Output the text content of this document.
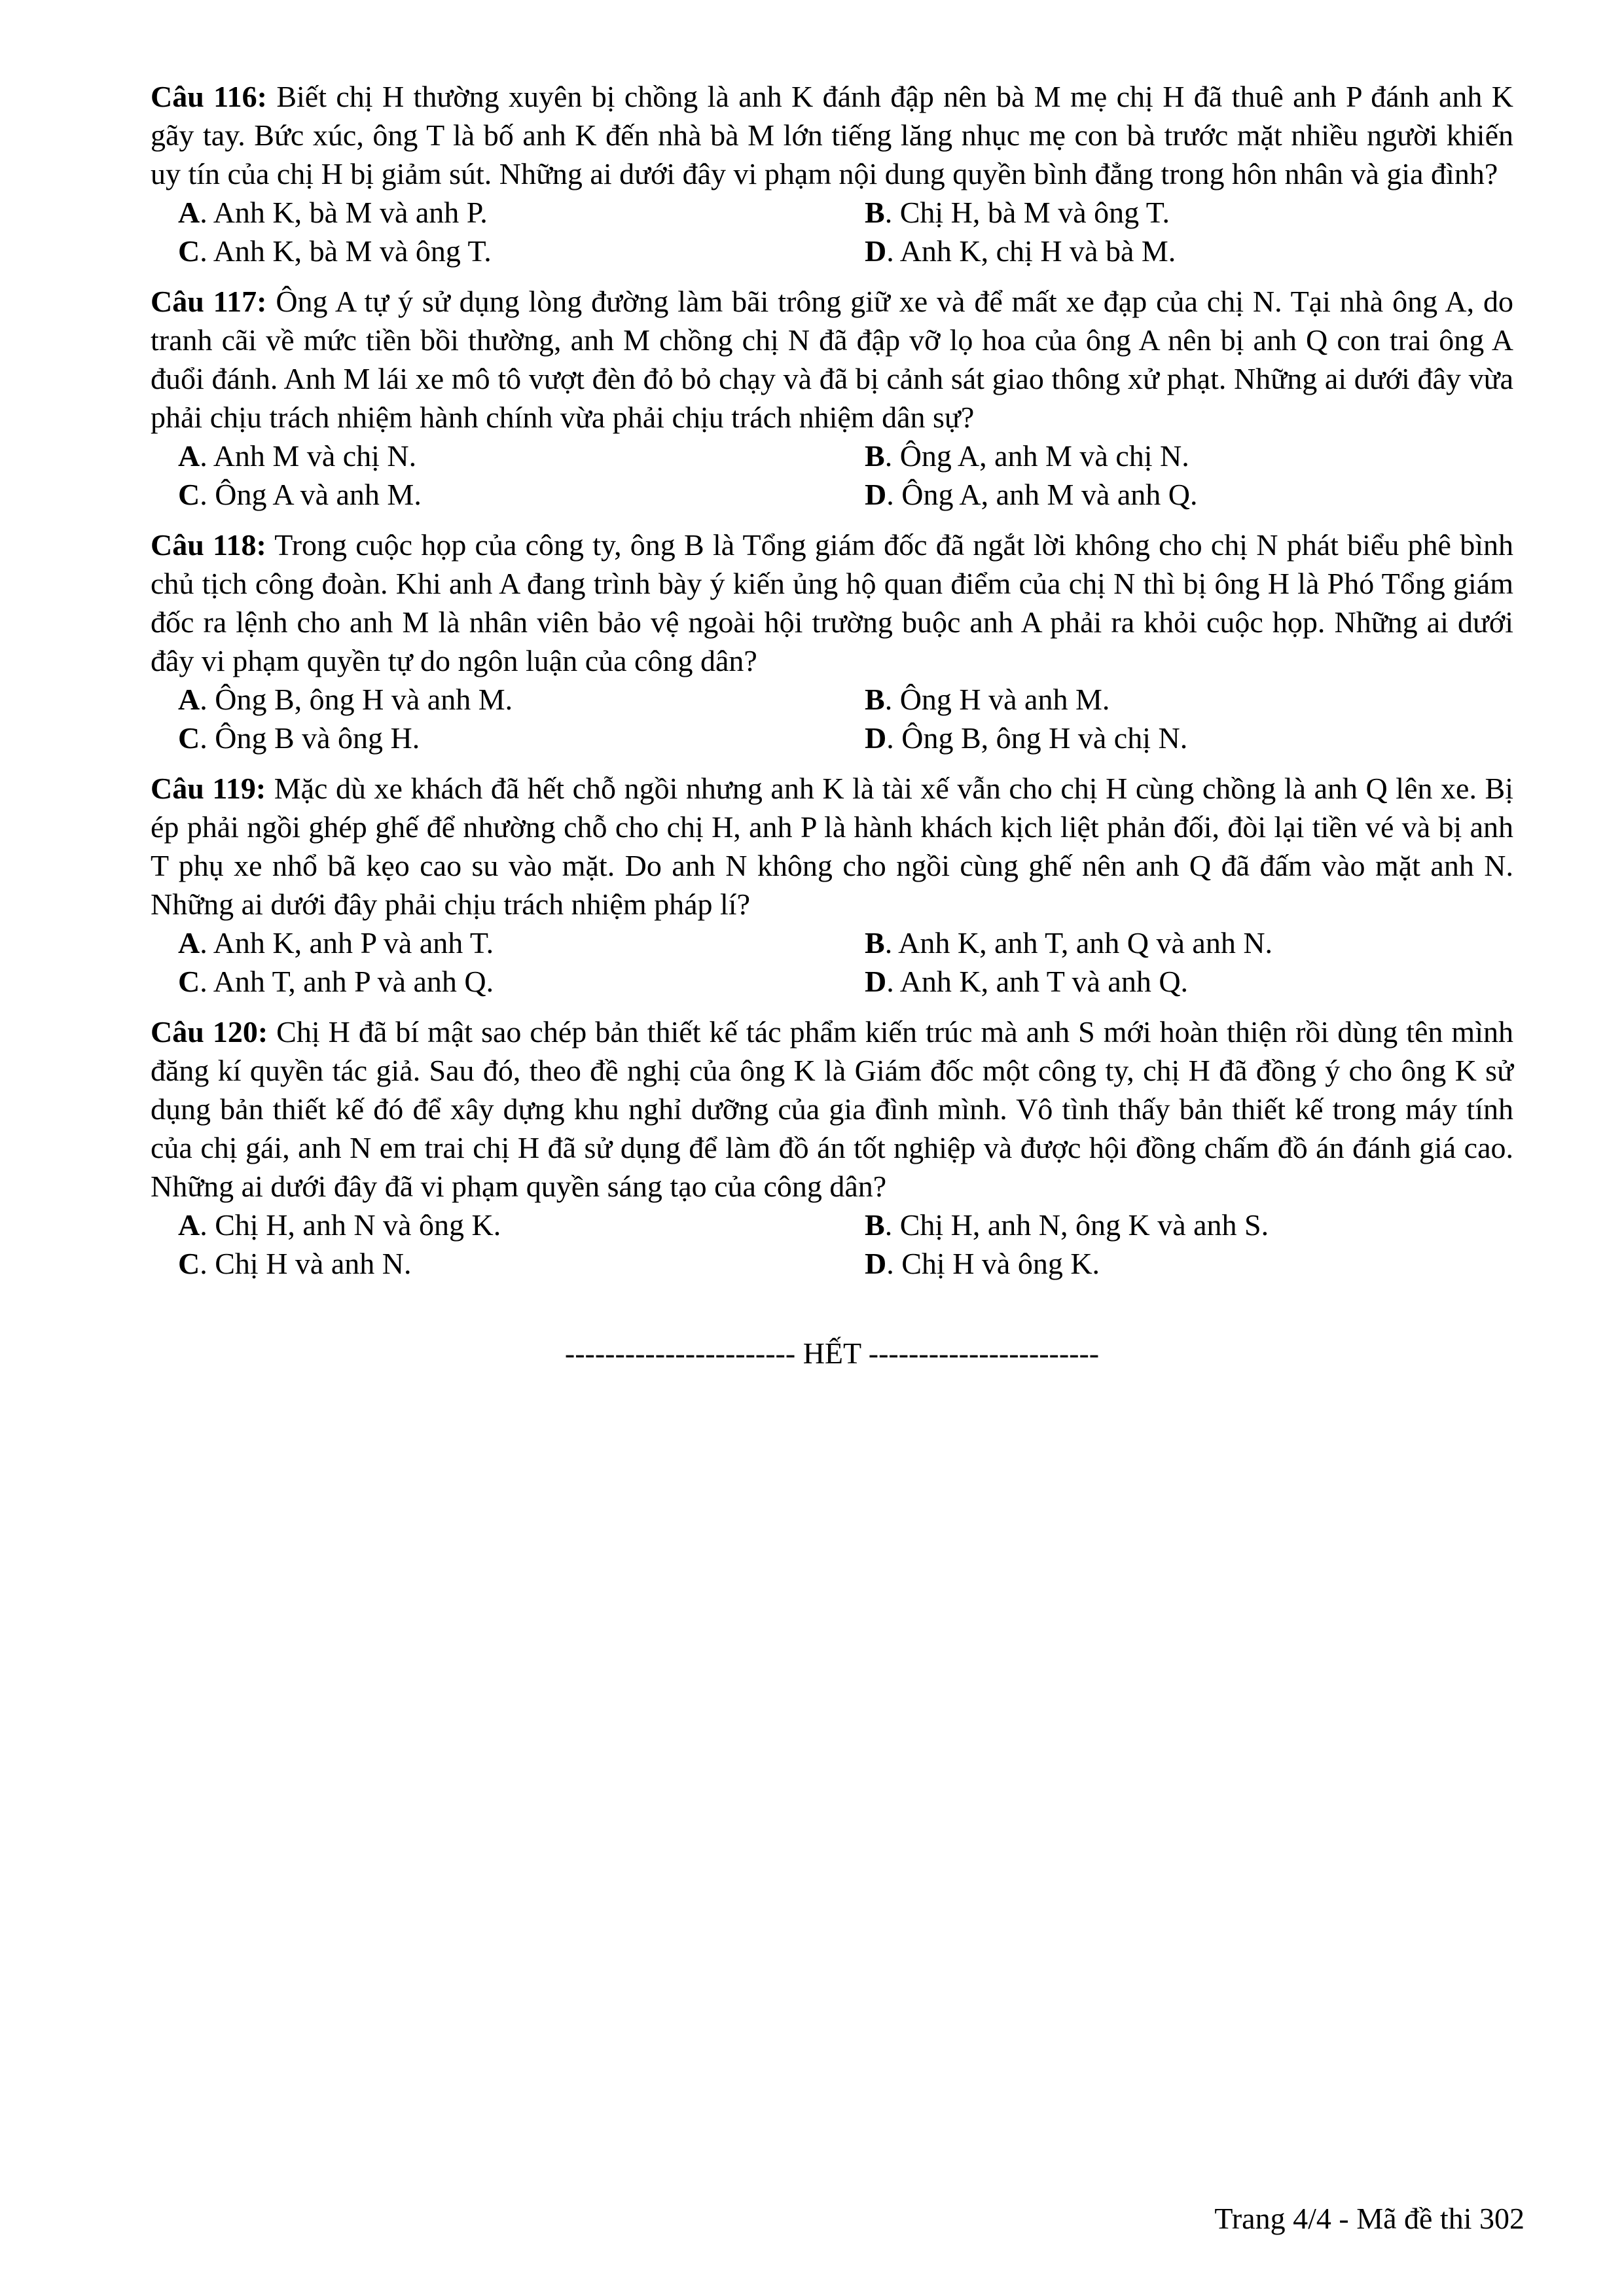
Câu 116: Biết chị H thường xuyên bị chồng là anh K đánh đập nên bà M mẹ chị H đã thuê anh P đánh anh K gãy tay. Bức xúc, ông T là bố anh K đến nhà bà M lớn tiếng lăng nhục mẹ con bà trước mặt nhiều người khiến uy tín của chị H bị giảm sút. Những ai dưới đây vi phạm nội dung quyền bình đẳng trong hôn nhân và gia đình?

A. Anh K, bà M và anh P.	B. Chị H, bà M và ông T.
C. Anh K, bà M và ông T.	D. Anh K, chị H và bà M.

Câu 117: Ông A tự ý sử dụng lòng đường làm bãi trông giữ xe và để mất xe đạp của chị N. Tại nhà ông A, do tranh cãi về mức tiền bồi thường, anh M chồng chị N đã đập vỡ lọ hoa của ông A nên bị anh Q con trai ông A đuổi đánh. Anh M lái xe mô tô vượt đèn đỏ bỏ chạy và đã bị cảnh sát giao thông xử phạt. Những ai dưới đây vừa phải chịu trách nhiệm hành chính vừa phải chịu trách nhiệm dân sự?

A. Anh M và chị N.	B. Ông A, anh M và chị N.
C. Ông A và anh M.	D. Ông A, anh M và anh Q.

Câu 118: Trong cuộc họp của công ty, ông B là Tổng giám đốc đã ngắt lời không cho chị N phát biểu phê bình chủ tịch công đoàn. Khi anh A đang trình bày ý kiến ủng hộ quan điểm của chị N thì bị ông H là Phó Tổng giám đốc ra lệnh cho anh M là nhân viên bảo vệ ngoài hội trường buộc anh A phải ra khỏi cuộc họp. Những ai dưới đây vi phạm quyền tự do ngôn luận của công dân?

A. Ông B, ông H và anh M.	B. Ông H và anh M.
C. Ông B và ông H.	D. Ông B, ông H và chị N.

Câu 119: Mặc dù xe khách đã hết chỗ ngồi nhưng anh K là tài xế vẫn cho chị H cùng chồng là anh Q lên xe. Bị ép phải ngồi ghép ghế để nhường chỗ cho chị H, anh P là hành khách kịch liệt phản đối, đòi lại tiền vé và bị anh T phụ xe nhổ bã kẹo cao su vào mặt. Do anh N không cho ngồi cùng ghế nên anh Q đã đấm vào mặt anh N. Những ai dưới đây phải chịu trách nhiệm pháp lí?

A. Anh K, anh P và anh T.	B. Anh K, anh T, anh Q và anh N.
C. Anh T, anh P và anh Q.	D. Anh K, anh T và anh Q.

Câu 120: Chị H đã bí mật sao chép bản thiết kế tác phẩm kiến trúc mà anh S mới hoàn thiện rồi dùng tên mình đăng kí quyền tác giả. Sau đó, theo đề nghị của ông K là Giám đốc một công ty, chị H đã đồng ý cho ông K sử dụng bản thiết kế đó để xây dựng khu nghỉ dưỡng của gia đình mình. Vô tình thấy bản thiết kế trong máy tính của chị gái, anh N em trai chị H đã sử dụng để làm đồ án tốt nghiệp và được hội đồng chấm đồ án đánh giá cao. Những ai dưới đây đã vi phạm quyền sáng tạo của công dân?

A. Chị H, anh N và ông K.	B. Chị H, anh N, ông K và anh S.
C. Chị H và anh N.	D. Chị H và ông K.
----------------------- HẾT -----------------------
Trang 4/4 - Mã đề thi 302
